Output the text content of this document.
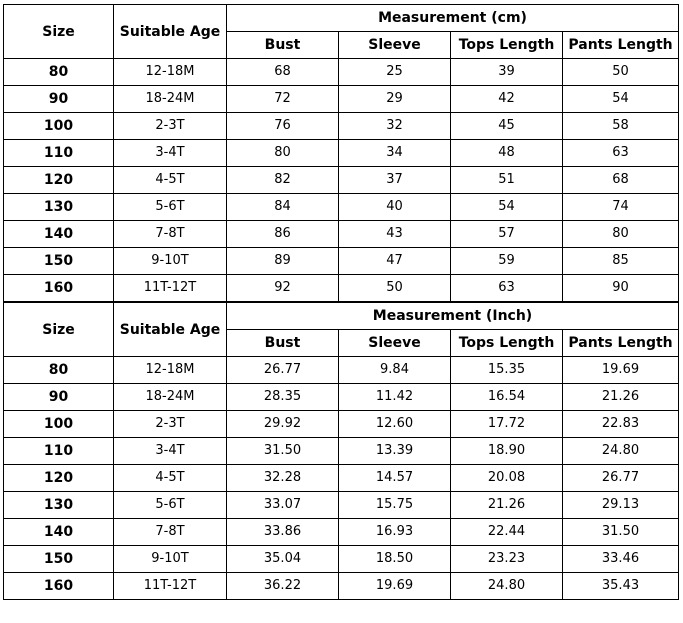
Size	Suitable Age	Measurement (cm)			
		Bust	Sleeve	Tops Length	Pants Length
80	12-18M	68	25	39	50
90	18-24M	72	29	42	54
100	2-3T	76	32	45	58
110	3-4T	80	34	48	63
120	4-5T	82	37	51	68
130	5-6T	84	40	54	74
140	7-8T	86	43	57	80
150	9-10T	89	47	59	85
160	11T-12T	92	50	63	90
Size	Suitable Age	Measurement (Inch)			
		Bust	Sleeve	Tops Length	Pants Length
80	12-18M	26.77	9.84	15.35	19.69
90	18-24M	28.35	11.42	16.54	21.26
100	2-3T	29.92	12.60	17.72	22.83
110	3-4T	31.50	13.39	18.90	24.80
120	4-5T	32.28	14.57	20.08	26.77
130	5-6T	33.07	15.75	21.26	29.13
140	7-8T	33.86	16.93	22.44	31.50
150	9-10T	35.04	18.50	23.23	33.46
160	11T-12T	36.22	19.69	24.80	35.43
